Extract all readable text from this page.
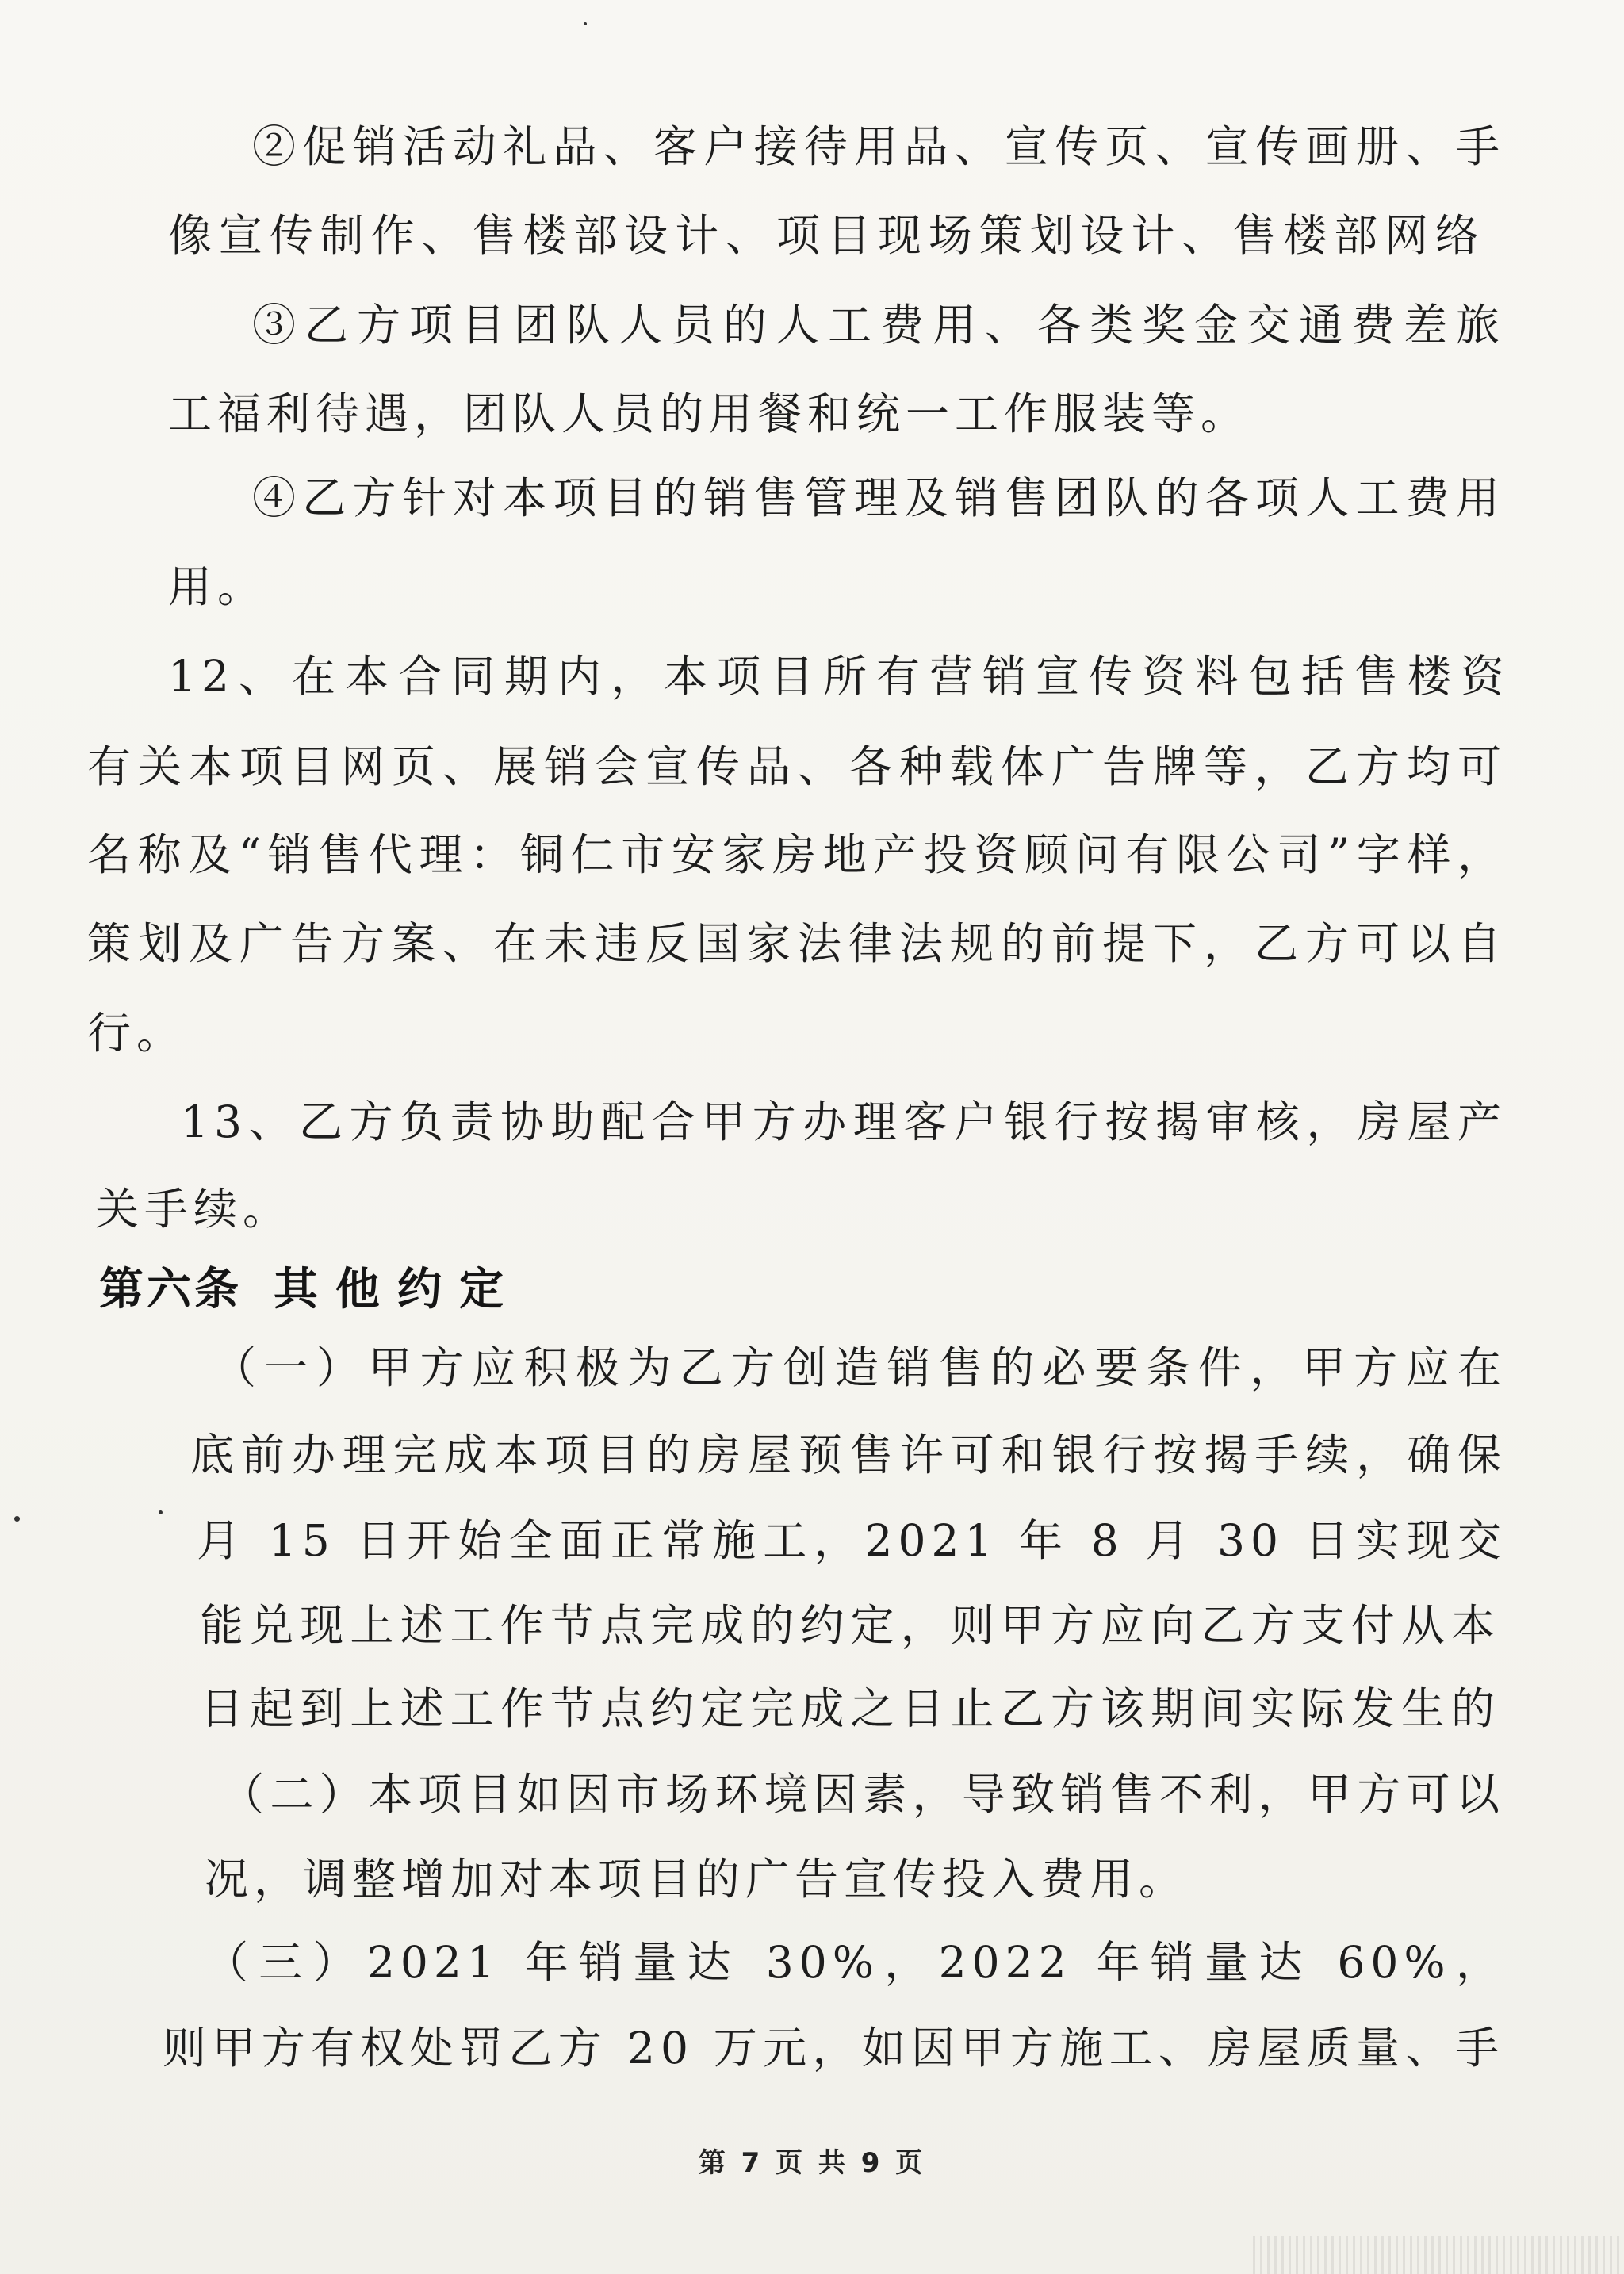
②促销活动礼品、客户接待用品、宣传页、宣传画册、手
像宣传制作、售楼部设计、项目现场策划设计、售楼部网络
③乙方项目团队人员的人工费用、各类奖金交通费差旅
工福利待遇，团队人员的用餐和统一工作服装等。
④乙方针对本项目的销售管理及销售团队的各项人工费用
用。
12、在本合同期内，本项目所有营销宣传资料包括售楼资
有关本项目网页、展销会宣传品、各种载体广告牌等，乙方均可
名称及“销售代理：铜仁市安家房地产投资顾问有限公司”字样，
策划及广告方案、在未违反国家法律法规的前提下，乙方可以自
行。
13、乙方负责协助配合甲方办理客户银行按揭审核，房屋产
关手续。
第六条 其他约定
（一）甲方应积极为乙方创造销售的必要条件，甲方应在
底前办理完成本项目的房屋预售许可和银行按揭手续，确保
月 15 日开始全面正常施工，2021 年 8 月 30 日实现交
能兑现上述工作节点完成的约定，则甲方应向乙方支付从本
日起到上述工作节点约定完成之日止乙方该期间实际发生的
（二）本项目如因市场环境因素，导致销售不利，甲方可以
况，调整增加对本项目的广告宣传投入费用。
（三）2021 年销量达 30%，2022 年销量达 60%，
则甲方有权处罚乙方 20 万元，如因甲方施工、房屋质量、手
第 7 页 共 9 页
